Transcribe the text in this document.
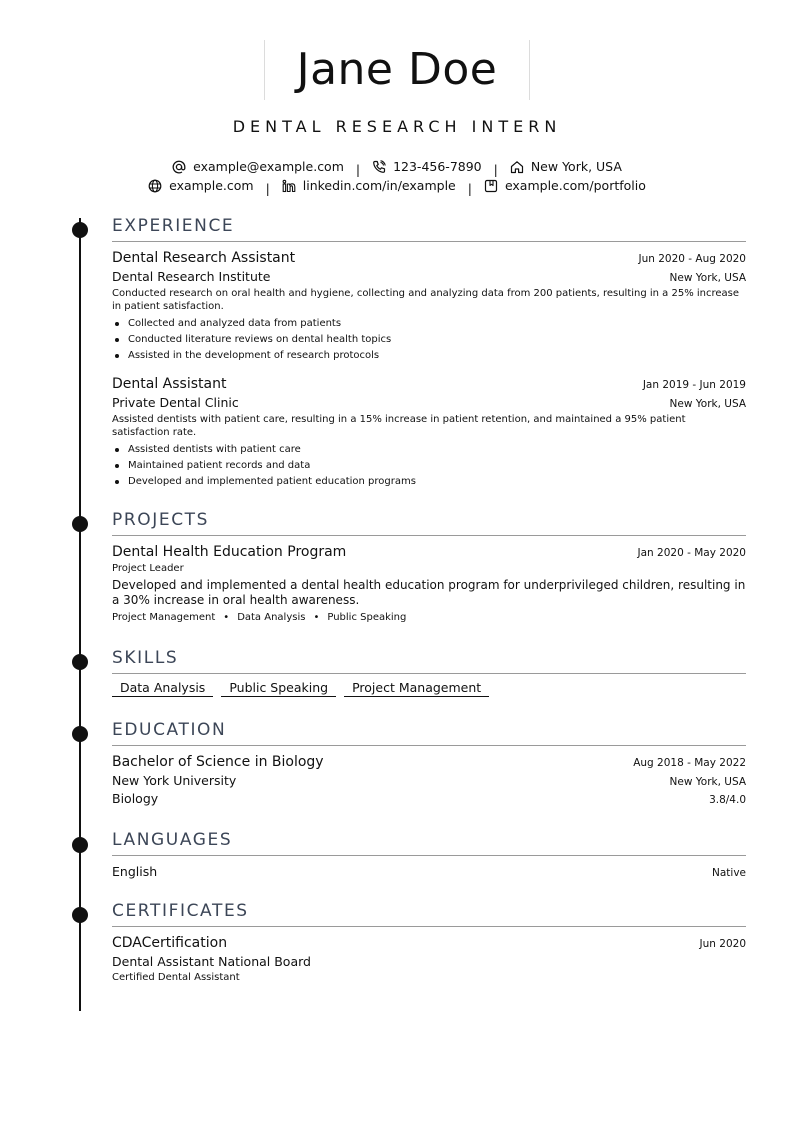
Jane Doe
DENTAL RESEARCH INTERN
example@example.com |	123-456-7890 |	New York, USA
example.com |	linkedin.com/in/example |	example.com/portfolio
EXPERIENCE
Dental Research Assistant	Jun 2020 - Aug 2020
Dental Research Institute	New York, USA
Conducted research on oral health and hygiene, collecting and analyzing data from 200 patients, resulting in a 25% increase in patient satisfaction.
Collected and analyzed data from patients
Conducted literature reviews on dental health topics
Assisted in the development of research protocols
Dental Assistant	Jan 2019 - Jun 2019
Private Dental Clinic	New York, USA
Assisted dentists with patient care, resulting in a 15% increase in patient retention, and maintained a 95% patient satisfaction rate.
Assisted dentists with patient care
Maintained patient records and data
Developed and implemented patient education programs
PROJECTS
Dental Health Education Program	Jan 2020 - May 2020
Project Leader
Developed and implemented a dental health education program for underprivileged children, resulting in a 30% increase in oral health awareness.
Project Management • Data Analysis • Public Speaking
SKILLS
Data Analysis	Public Speaking	Project Management
EDUCATION
Bachelor of Science in Biology	Aug 2018 - May 2022
New York University	New York, USA
Biology	3.8/4.0
LANGUAGES
English	Native
CERTIFICATES
CDACertification	Jun 2020
Dental Assistant National Board
Certified Dental Assistant
